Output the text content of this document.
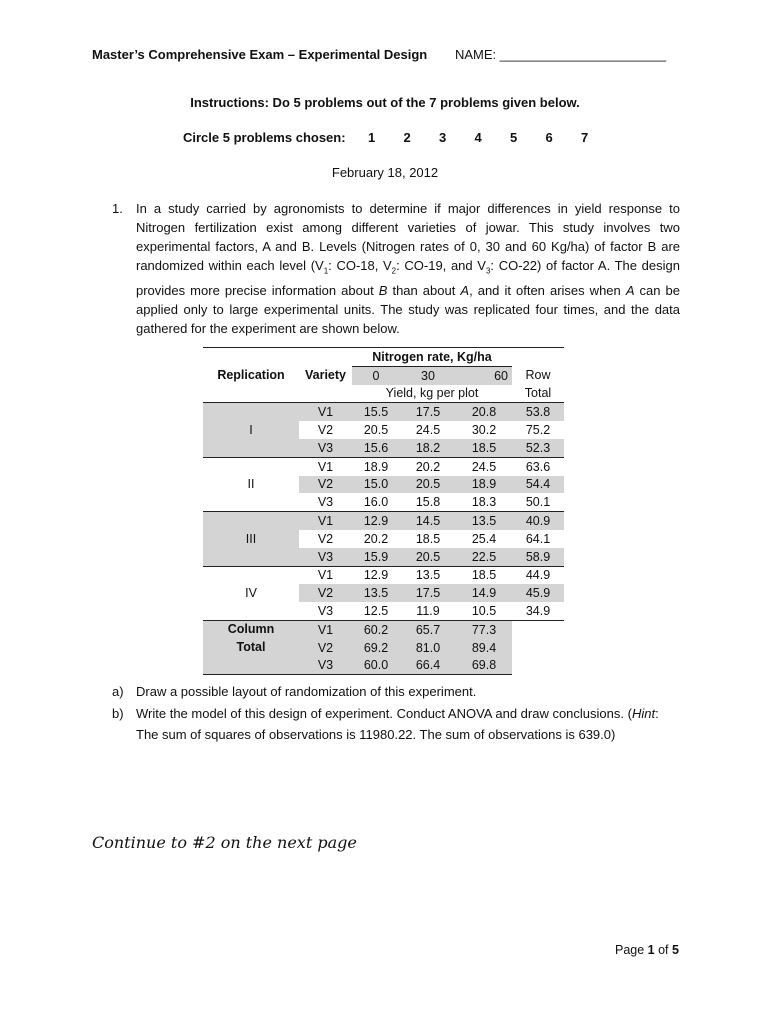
Master’s Comprehensive Exam – Experimental Design NAME: _______________________
Instructions: Do 5 problems out of the 7 problems given below.
Circle 5 problems chosen:	1	2	3	4	5	6	7
February 18, 2012
1. In a study carried by agronomists to determine if major differences in yield response to Nitrogen fertilization exist among different varieties of jowar. This study involves two experimental factors, A and B. Levels (Nitrogen rates of 0, 30 and 60 Kg/ha) of factor B are randomized within each level ($V_1$: CO-18, $V_2$: CO-19, and $V_3$: CO-22) of factor A. The design provides more precise information about B than about A, and it often arises when A can be applied only to large experimental units. The study was replicated four times, and the data gathered for the experiment are shown below.
		Nitrogen rate, Kg/ha			
Replication	Variety	0	30	60	Row
		Yield, kg per plot			Total
I	V1	15.5	17.5	20.8	53.8
	V2	20.5	24.5	30.2	75.2
	V3	15.6	18.2	18.5	52.3
II	V1	18.9	20.2	24.5	63.6
	V2	15.0	20.5	18.9	54.4
	V3	16.0	15.8	18.3	50.1
III	V1	12.9	14.5	13.5	40.9
	V2	20.2	18.5	25.4	64.1
	V3	15.9	20.5	22.5	58.9
IV	V1	12.9	13.5	18.5	44.9
	V2	13.5	17.5	14.9	45.9
	V3	12.5	11.9	10.5	34.9

Column
Total	V1	60.2	65.7	77.3	
	V2	69.2	81.0	89.4	
	V3	60.0	66.4	69.8	
a) Draw a possible layout of randomization of this experiment.
b) Write the model of this design of experiment. Conduct ANOVA and draw conclusions. (Hint: The sum of squares of observations is 11980.22. The sum of observations is 639.0)
Continue to #2 on the next page
Page 1 of 5
